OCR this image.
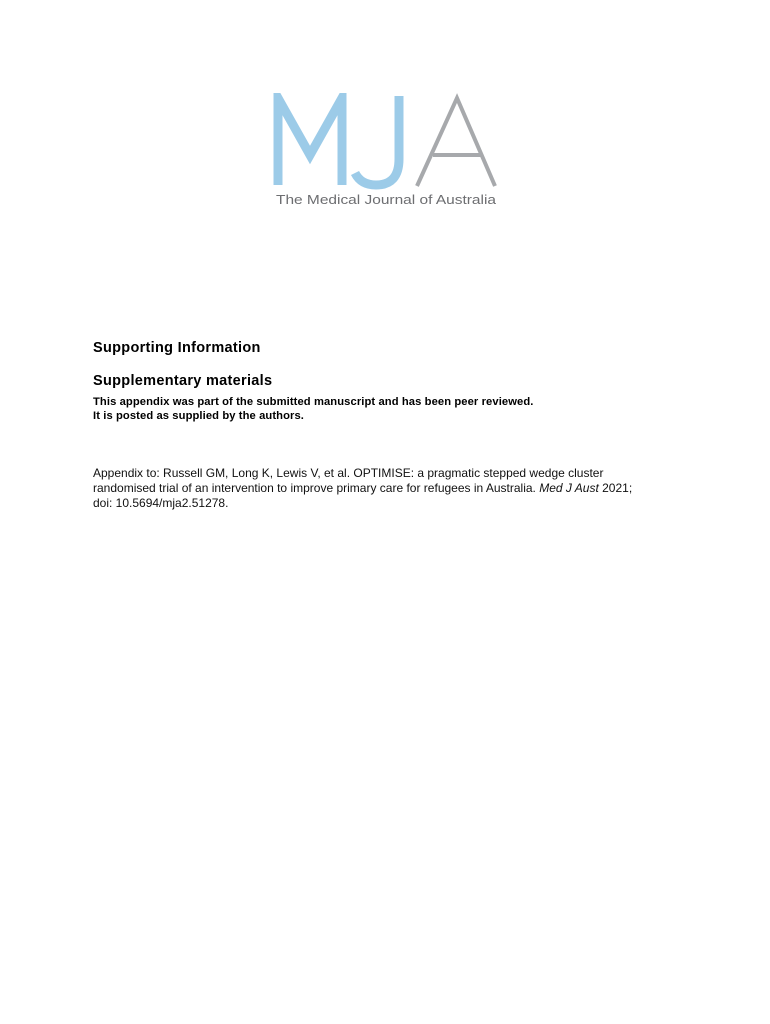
The Medical Journal of Australia
Supporting Information
Supplementary materials
This appendix was part of the submitted manuscript and has been peer reviewed.
It is posted as supplied by the authors.
Appendix to: Russell GM, Long K, Lewis V, et al. OPTIMISE: a pragmatic stepped wedge cluster
randomised trial of an intervention to improve primary care for refugees in Australia. Med J Aust 2021;
doi: 10.5694/mja2.51278.
